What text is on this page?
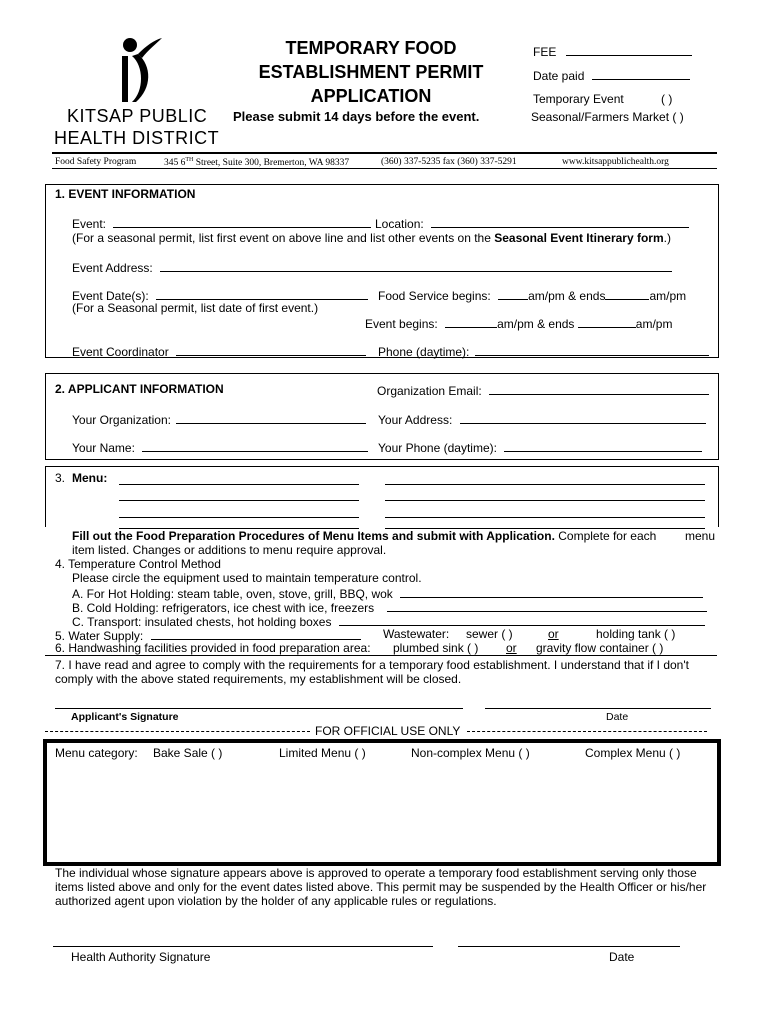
KITSAP PUBLIC
HEALTH DISTRICT
TEMPORARY FOOD
ESTABLISHMENT PERMIT
APPLICATION
Please submit 14 days before the event.
FEE
Date paid
Temporary Event	( )
Seasonal/Farmers Market ( )
Food Safety Program	345 6TH Street, Suite 300, Bremerton, WA 98337	(360) 337-5235 fax (360) 337-5291	www.kitsappublichealth.org
1. EVENT INFORMATION
Event:	Location:
(For a seasonal permit, list first event on above line and list other events on the Seasonal Event Itinerary form.)
Event Address:
Event Date(s):
(For a Seasonal permit, list date of first event.)
Food Service begins:	am/pm & ends	am/pm
Event begins:	am/pm & ends	am/pm
Event Coordinator	Phone (daytime):
2. APPLICANT INFORMATION	Organization Email:
Your Organization:	Your Address:
Your Name:	Your Phone (daytime):
3. Menu:
Fill out the Food Preparation Procedures of Menu Items and submit with Application. Complete for each menu
item listed. Changes or additions to menu require approval.
4. Temperature Control Method
Please circle the equipment used to maintain temperature control.
A. For Hot Holding: steam table, oven, stove, grill, BBQ, wok
B. Cold Holding: refrigerators, ice chest with ice, freezers
C. Transport: insulated chests, hot holding boxes
5. Water Supply:	Wastewater: sewer ( )	or	holding tank ( )
6. Handwashing facilities provided in food preparation area: plumbed sink ( ) or gravity flow container ( )
7. I have read and agree to comply with the requirements for a temporary food establishment. I understand that if I don't
comply with the above stated requirements, my establishment will be closed.
Applicant's Signature	Date
FOR OFFICIAL USE ONLY
Menu category: Bake Sale ( )	Limited Menu ( )	Non-complex Menu ( )	Complex Menu ( )
The individual whose signature appears above is approved to operate a temporary food establishment serving only those
items listed above and only for the event dates listed above. This permit may be suspended by the Health Officer or his/her
authorized agent upon violation by the holder of any applicable rules or regulations.
Health Authority Signature	Date
